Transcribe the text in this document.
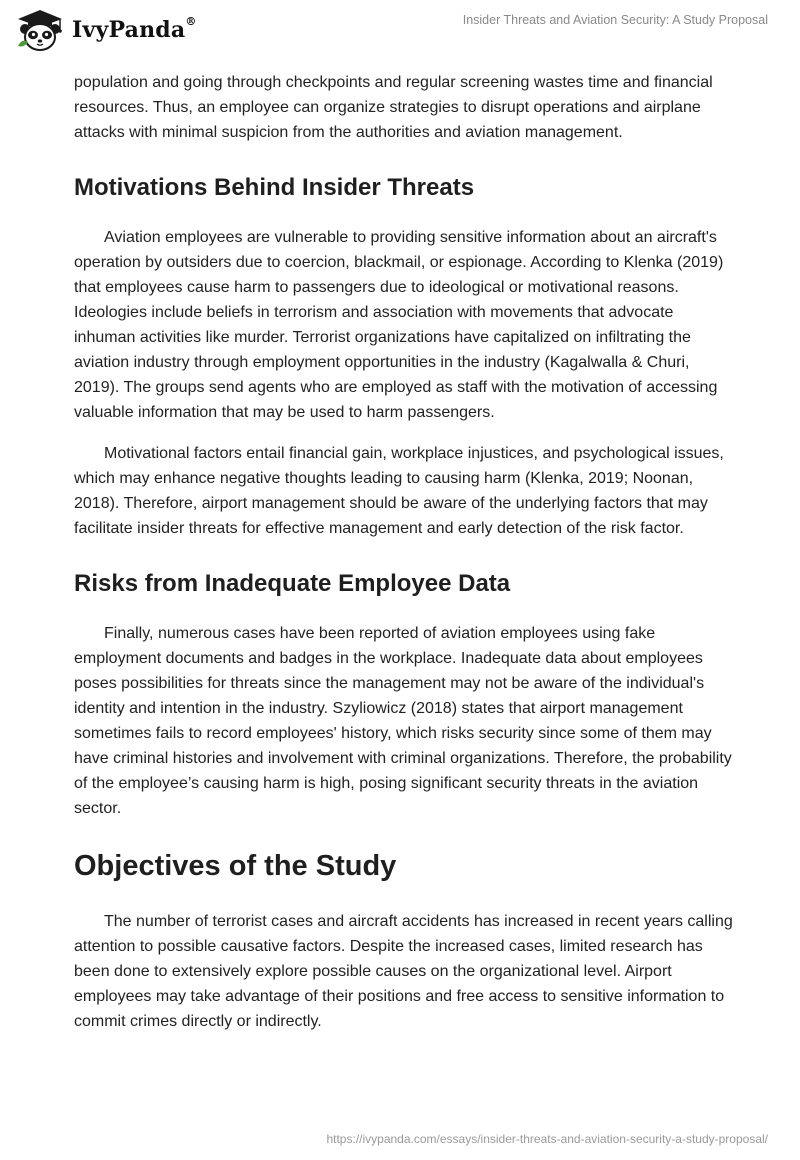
IvyPanda®	Insider Threats and Aviation Security: A Study Proposal

population and going through checkpoints and regular screening wastes time and financial resources. Thus, an employee can organize strategies to disrupt operations and airplane attacks with minimal suspicion from the authorities and aviation management.

Motivations Behind Insider Threats

Aviation employees are vulnerable to providing sensitive information about an aircraft's operation by outsiders due to coercion, blackmail, or espionage. According to Klenka (2019) that employees cause harm to passengers due to ideological or motivational reasons. Ideologies include beliefs in terrorism and association with movements that advocate inhuman activities like murder. Terrorist organizations have capitalized on infiltrating the aviation industry through employment opportunities in the industry (Kagalwalla & Churi, 2019). The groups send agents who are employed as staff with the motivation of accessing valuable information that may be used to harm passengers.

Motivational factors entail financial gain, workplace injustices, and psychological issues, which may enhance negative thoughts leading to causing harm (Klenka, 2019; Noonan, 2018). Therefore, airport management should be aware of the underlying factors that may facilitate insider threats for effective management and early detection of the risk factor.

Risks from Inadequate Employee Data

Finally, numerous cases have been reported of aviation employees using fake employment documents and badges in the workplace. Inadequate data about employees poses possibilities for threats since the management may not be aware of the individual's identity and intention in the industry. Szyliowicz (2018) states that airport management sometimes fails to record employees' history, which risks security since some of them may have criminal histories and involvement with criminal organizations. Therefore, the probability of the employee’s causing harm is high, posing significant security threats in the aviation sector.

Objectives of the Study

The number of terrorist cases and aircraft accidents has increased in recent years calling attention to possible causative factors. Despite the increased cases, limited research has been done to extensively explore possible causes on the organizational level. Airport employees may take advantage of their positions and free access to sensitive information to commit crimes directly or indirectly.

https://ivypanda.com/essays/insider-threats-and-aviation-security-a-study-proposal/
